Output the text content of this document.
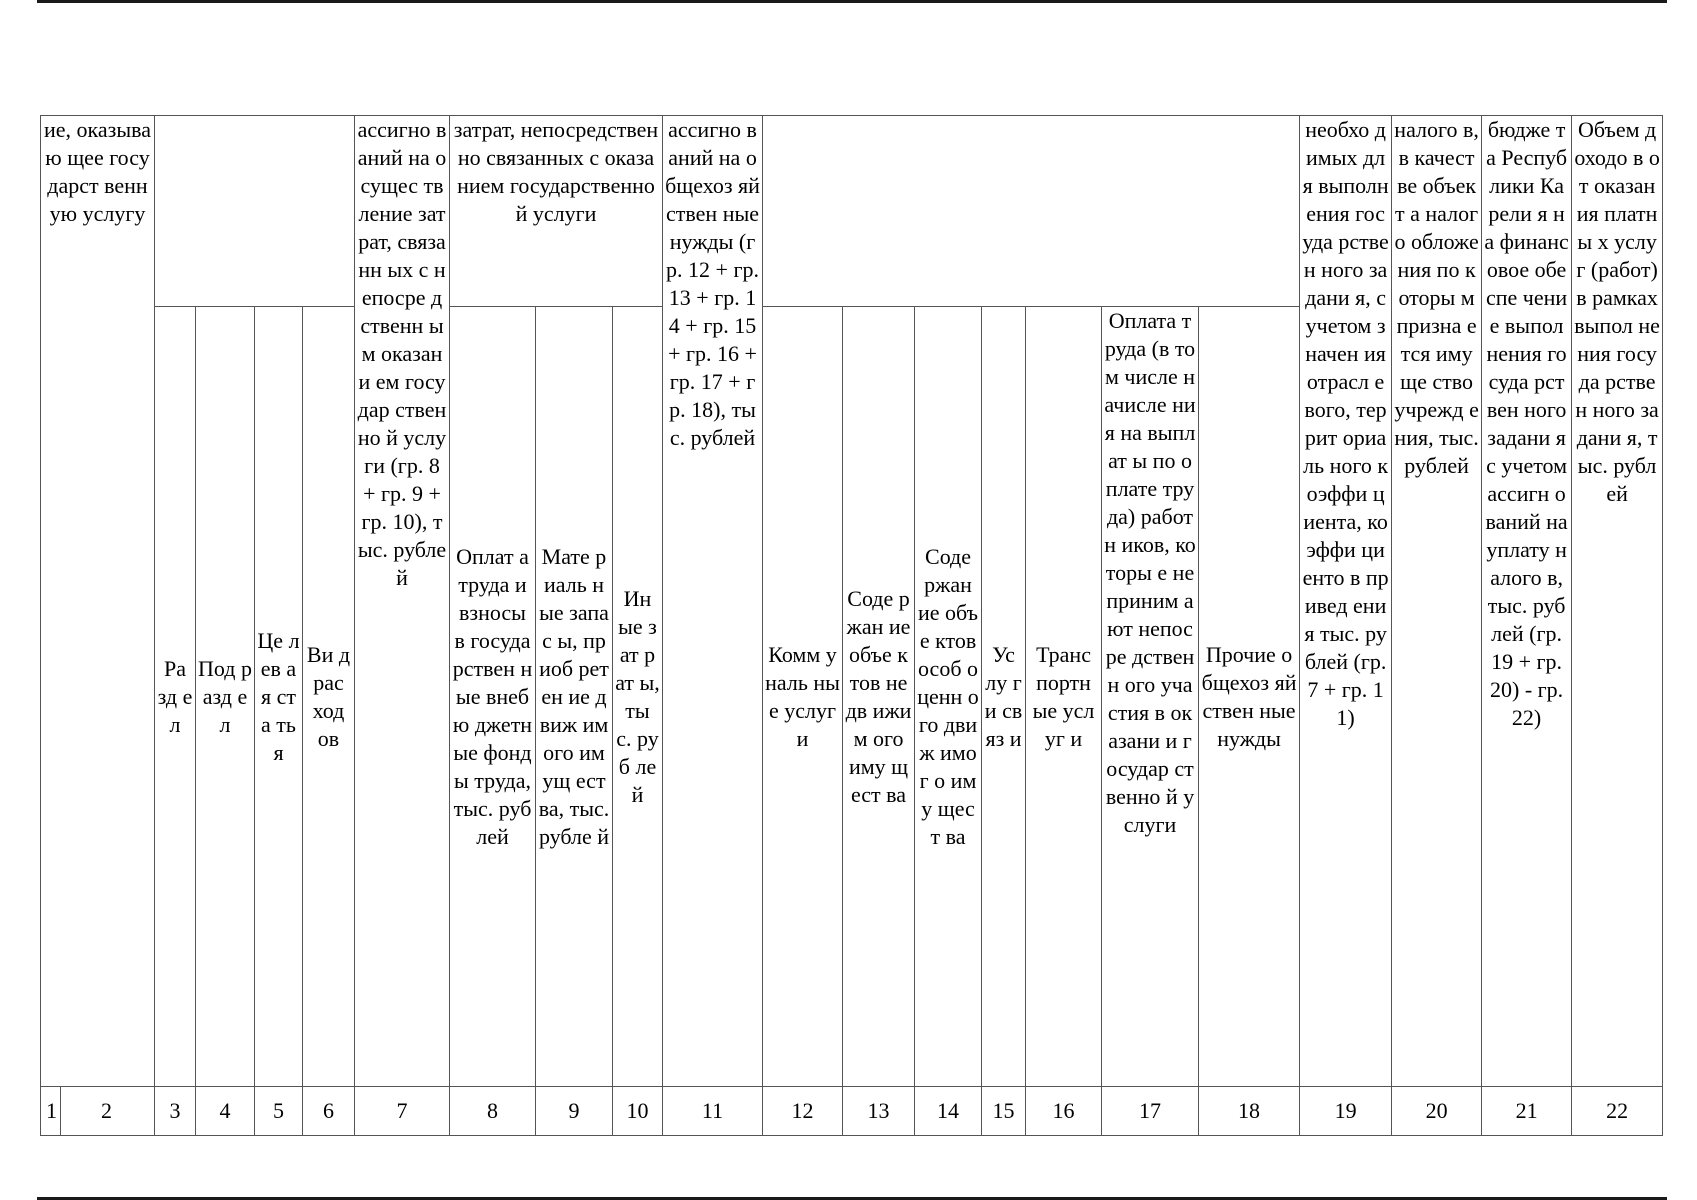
ие, оказываю щее государст венную услугу					ассигно ваний на осущес твление затрат, связанн ых с непосре дственн ым оказани ем государ ственно й услуги (гр. 8 + гр. 9 + гр. 10), тыс. рублей	затрат, непосредственно связанных с оказанием государственной услуги			ассигно ваний на общехоз яйствен ные нужды (гр. 12 + гр. 13 + гр. 14 + гр. 15 + гр. 16 + гр. 17 + гр. 18), тыс. рублей								необхо димых для выполн ения госуда рствен ного задани я, с учетом значен ия отрасл евого, террит ориаль ного коэффи циента, коэффи циенто в привед ения тыс. рублей (гр. 7 + гр. 11)	налого в, в качест ве объект а налого обложе ния по которы м призна ется имуще ство учрежд ения, тыс. рублей	бюдже та Респуб лики Карели я на финанс овое обеспе чение выпол нения госуда рствен ного задани я с учетом ассигн ований на уплату налого в, тыс. рублей (гр. 19 + гр. 20) - гр. 22)	Объем доходо в от оказан ия платны х услуг (работ) в рамках выпол нения госуда рствен ного задани я, тыс. рублей
	Ра зд ел	Под разд ел	Це лев ая ста тья	Ви д рас ход ов		Оплат а труда и взносы в госуда рствен ные внебю джетн ые фонды труда, тыс. рублей	Мате риаль ные запас ы, приоб ретен ие движ имого имущ ества, тыс. рубле й	Ин ые зат рат ы, ты с. руб лей		Комм уналь ные услуг и	Соде ржан ие объе ктов недв ижим ого иму щест ва	Соде ржан ие объе ктов особ о ценн ого движ имог о иму щест ва	Ус лу ги св яз и	Транс портн ые услуг и	Оплата труда (в том числе начисле ния на выплат ы по оплате труда) работн иков, которы е не приним ают непосре дственн ого участия в оказани и государ ственно й услуги	Прочие общехоз яйствен ные нужды				

1 2	3	4	5	6	7	8	9	10	11	12	13	14	15	16	17	18	19	20	21	22
